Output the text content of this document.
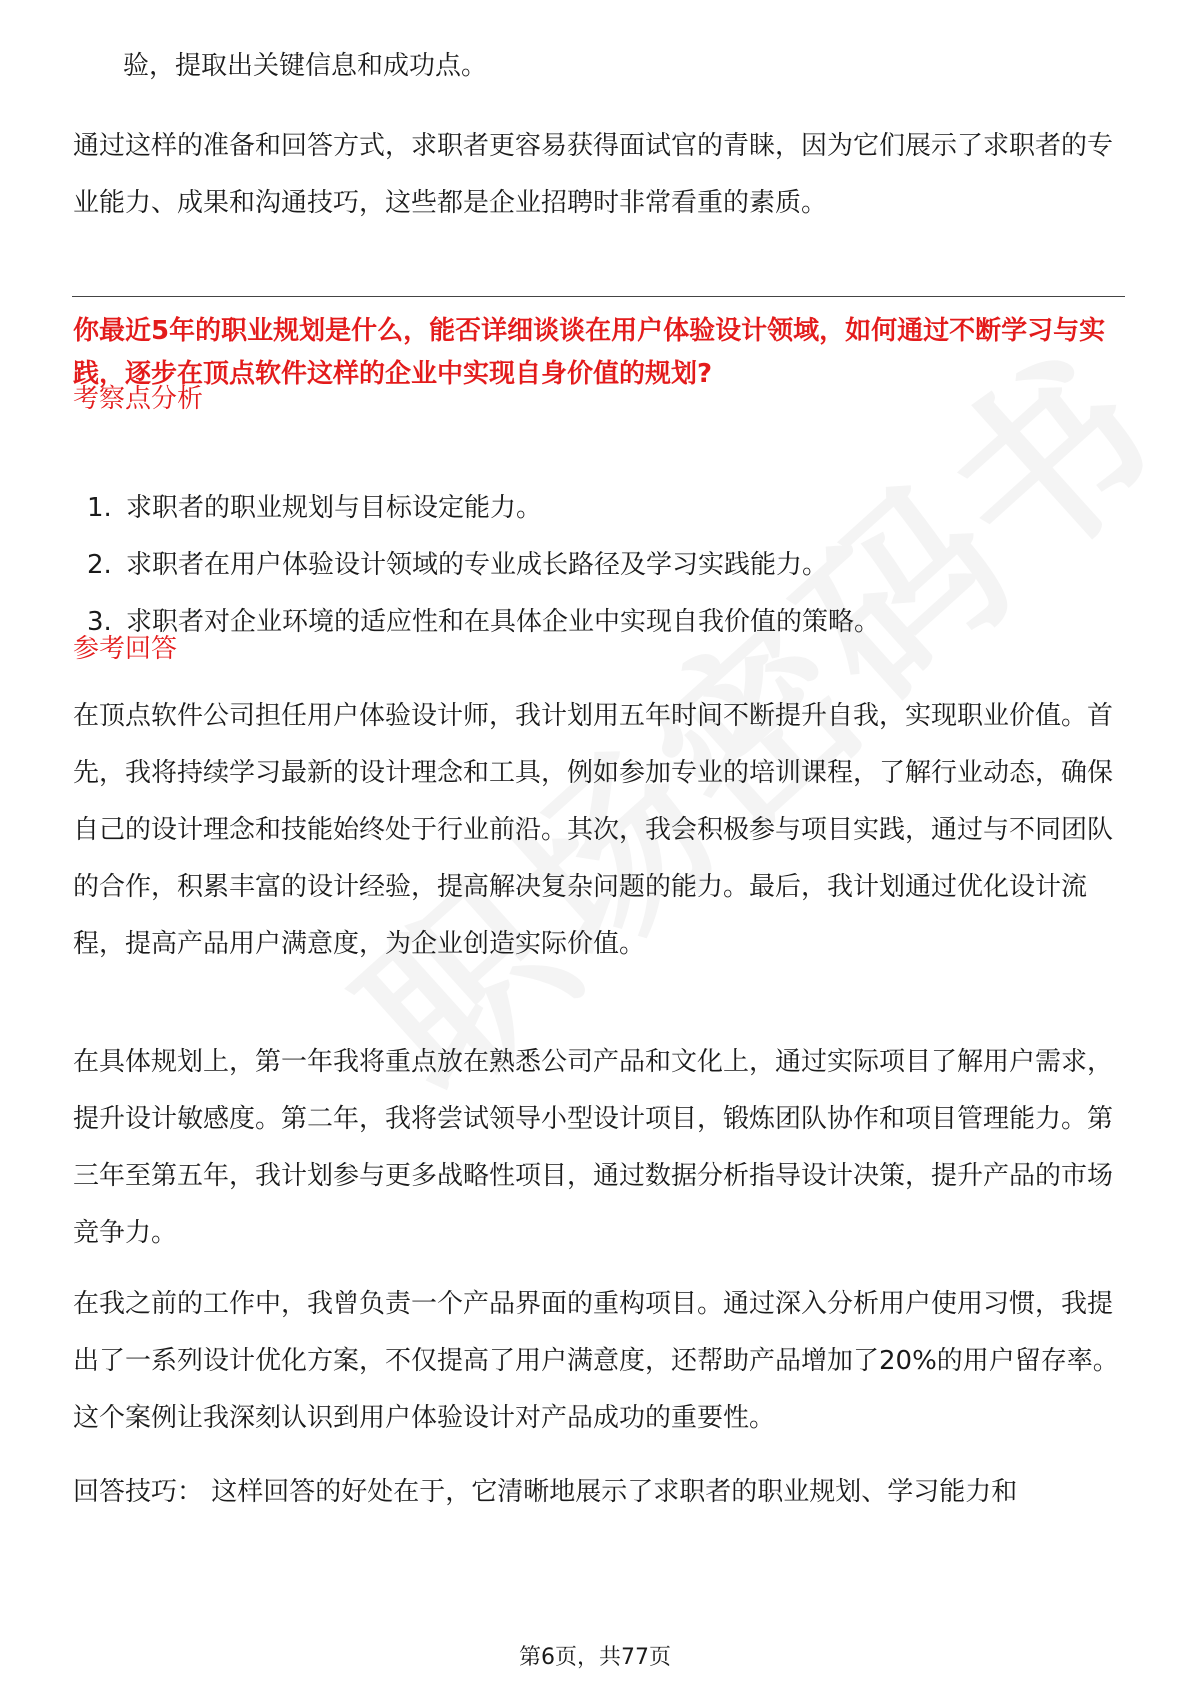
验，提取出关键信息和成功点。

通过这样的准备和回答方式，求职者更容易获得面试官的青睐，因为它们展示了求职者的专业能力、成果和沟通技巧，这些都是企业招聘时非常看重的素质。

你最近5年的职业规划是什么，能否详细谈谈在用户体验设计领域，如何通过不断学习与实践，逐步在顶点软件这样的企业中实现自身价值的规划?

考察点分析

1. 求职者的职业规划与目标设定能力。
2. 求职者在用户体验设计领域的专业成长路径及学习实践能力。
3. 求职者对企业环境的适应性和在具体企业中实现自我价值的策略。

参考回答

在顶点软件公司担任用户体验设计师，我计划用五年时间不断提升自我，实现职业价值。首先，我将持续学习最新的设计理念和工具，例如参加专业的培训课程，了解行业动态，确保自己的设计理念和技能始终处于行业前沿。其次，我会积极参与项目实践，通过与不同团队的合作，积累丰富的设计经验，提高解决复杂问题的能力。最后，我计划通过优化设计流程，提高产品用户满意度，为企业创造实际价值。

在具体规划上，第一年我将重点放在熟悉公司产品和文化上，通过实际项目了解用户需求，提升设计敏感度。第二年，我将尝试领导小型设计项目，锻炼团队协作和项目管理能力。第三年至第五年，我计划参与更多战略性项目，通过数据分析指导设计决策，提升产品的市场竞争力。

在我之前的工作中，我曾负责一个产品界面的重构项目。通过深入分析用户使用习惯，我提出了一系列设计优化方案，不仅提高了用户满意度，还帮助产品增加了20%的用户留存率。这个案例让我深刻认识到用户体验设计对产品成功的重要性。

回答技巧： 这样回答的好处在于，它清晰地展示了求职者的职业规划、学习能力和

第6页，共77页
